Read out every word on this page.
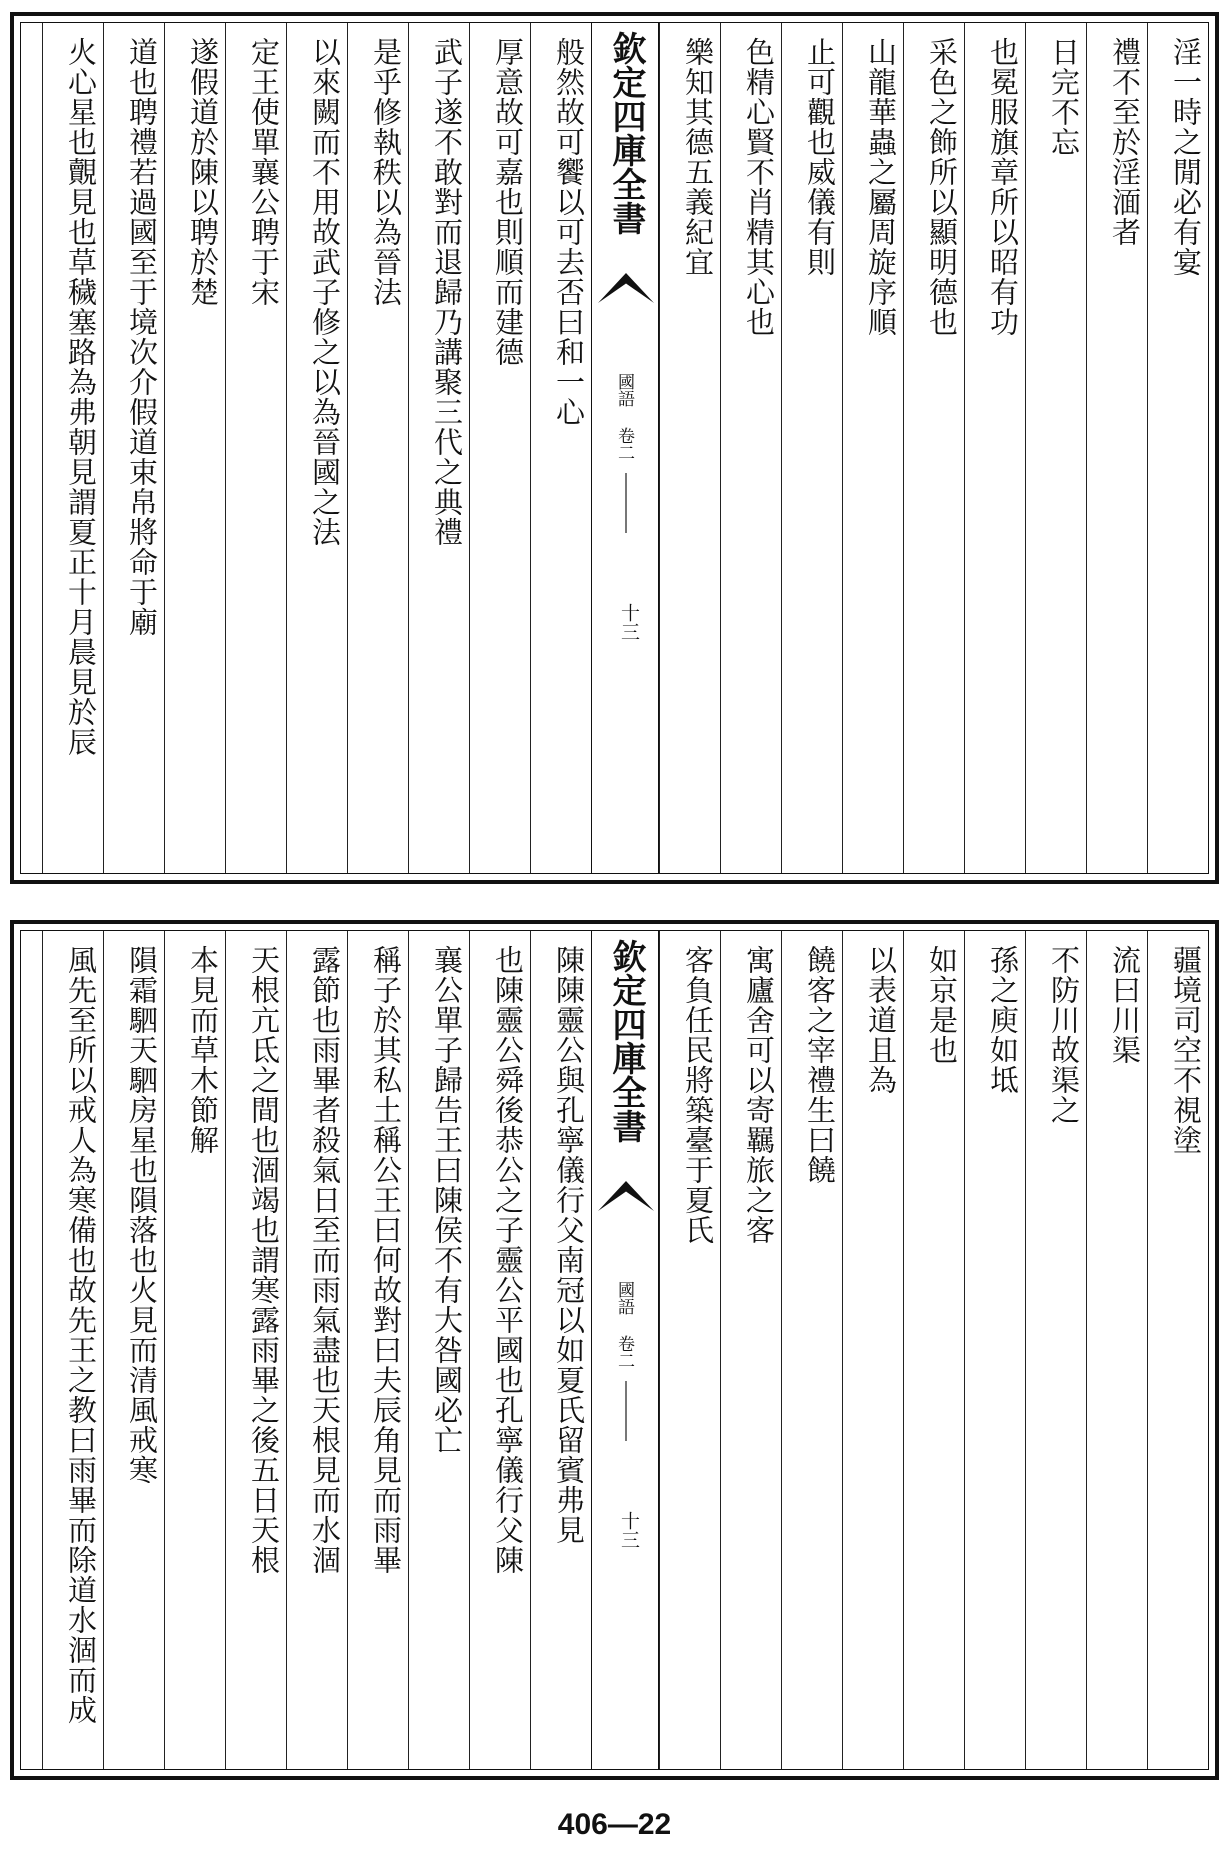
淫一時之閒必有宴
禮不至於淫湎者
日完不忘
也冕服旗章所以昭有功
采色之飾所以顯明德也
山龍華蟲之屬周旋序順
止可觀也威儀有則
色精心賢不肖精其心也
樂知其德五義紀宜
欽定四庫全書
國語 卷二
十三
般然故可饗以可去否曰和一心
厚意故可嘉也則順而建德
武子遂不敢對而退歸乃講聚三代之典禮
是乎修執秩以為晉法
以來闕而不用故武子修之以為晉國之法
定王使單襄公聘于宋
遂假道於陳以聘於楚
道也聘禮若過國至于境次介假道束帛將命于廟
火心星也覿見也草穢塞路為弗朝見謂夏正十月晨見於辰
疆境司空不視塗
流曰川渠
不防川故渠之
孫之庾如坻
如京是也
以表道且為
饒客之宰禮生曰饒
寓廬舍可以寄羈旅之客
客負任民將築臺于夏氏
欽定四庫全書
國語 卷二
十三
陳陳靈公與孔寧儀行父南冠以如夏氏留賓弗見
也陳靈公舜後恭公之子靈公平國也孔寧儀行父陳
襄公單子歸告王曰陳侯不有大咎國必亡
稱子於其私土稱公王曰何故對曰夫辰角見而雨畢
露節也雨畢者殺氣日至而雨氣盡也天根見而水涸
天根亢氐之間也涸竭也謂寒露雨畢之後五日天根
本見而草木節解
隕霜駟天駟房星也隕落也火見而清風戒寒
風先至所以戒人為寒備也故先王之教曰雨畢而除道水涸而成
406—22
